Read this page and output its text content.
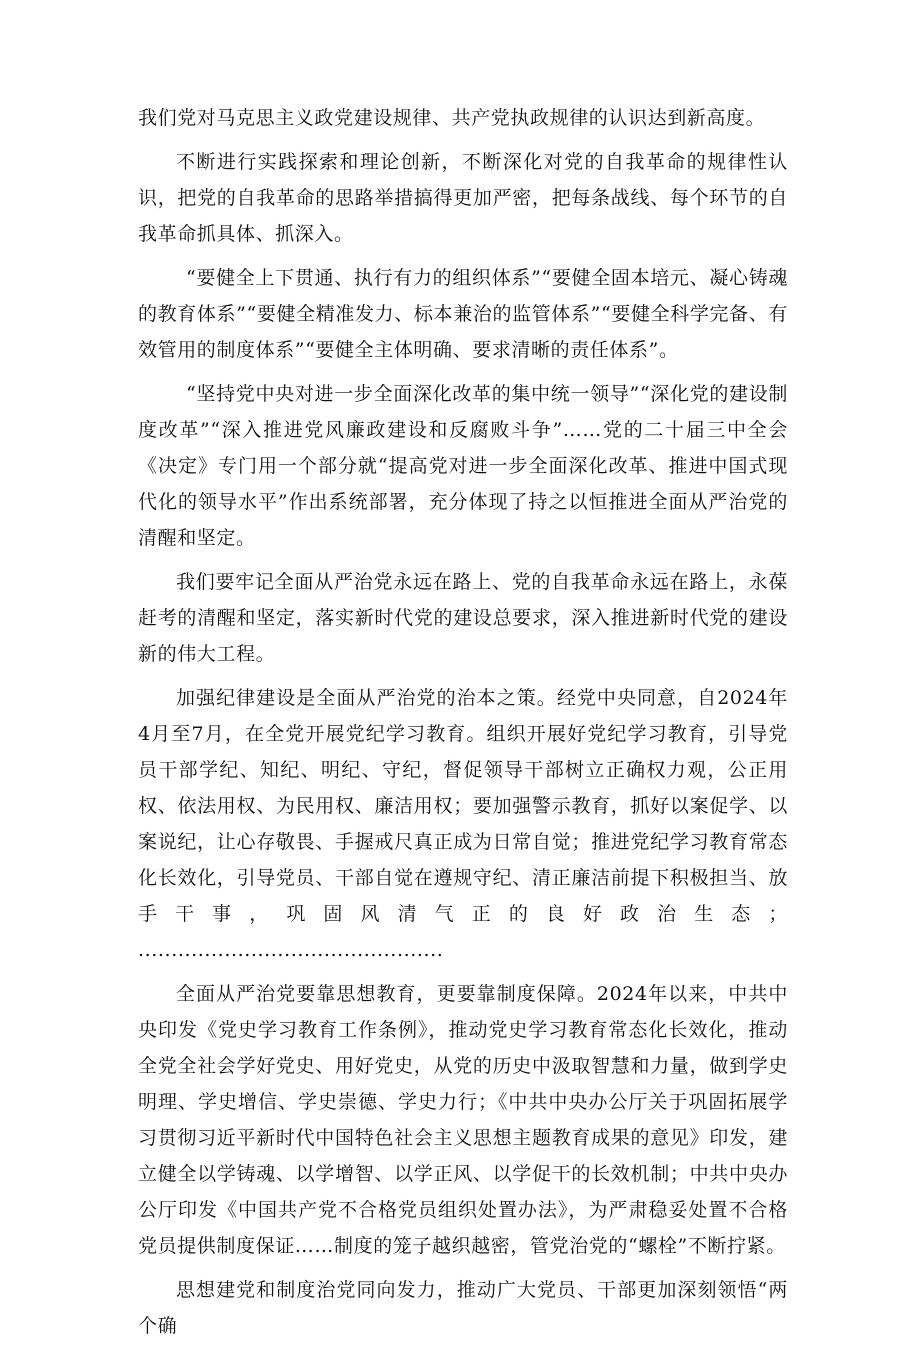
我们党对马克思主义政党建设规律、共产党执政规律的认识达到新高度。

不断进行实践探索和理论创新，不断深化对党的自我革命的规律性认识，把党的自我革命的思路举措搞得更加严密，把每条战线、每个环节的自我革命抓具体、抓深入。

“要健全上下贯通、执行有力的组织体系”“要健全固本培元、凝心铸魂的教育体系”“要健全精准发力、标本兼治的监管体系”“要健全科学完备、有效管用的制度体系”“要健全主体明确、要求清晰的责任体系”。

“坚持党中央对进一步全面深化改革的集中统一领导”“深化党的建设制度改革”“深入推进党风廉政建设和反腐败斗争”……党的二十届三中全会《决定》专门用一个部分就“提高党对进一步全面深化改革、推进中国式现代化的领导水平”作出系统部署，充分体现了持之以恒推进全面从严治党的清醒和坚定。

我们要牢记全面从严治党永远在路上、党的自我革命永远在路上，永葆赶考的清醒和坚定，落实新时代党的建设总要求，深入推进新时代党的建设新的伟大工程。

加强纪律建设是全面从严治党的治本之策。经党中央同意，自2024年4月至7月，在全党开展党纪学习教育。组织开展好党纪学习教育，引导党员干部学纪、知纪、明纪、守纪，督促领导干部树立正确权力观，公正用权、依法用权、为民用权、廉洁用权；要加强警示教育，抓好以案促学、以案说纪，让心存敬畏、手握戒尺真正成为日常自觉；推进党纪学习教育常态化长效化，引导党员、干部自觉在遵规守纪、清正廉洁前提下积极担当、放手干事，巩固风清气正的良好政治生态； ..............................................

全面从严治党要靠思想教育，更要靠制度保障。2024年以来，中共中央印发《党史学习教育工作条例》，推动党史学习教育常态化长效化，推动全党全社会学好党史、用好党史，从党的历史中汲取智慧和力量，做到学史明理、学史增信、学史崇德、学史力行；《中共中央办公厅关于巩固拓展学习贯彻习近平新时代中国特色社会主义思想主题教育成果的意见》印发，建立健全以学铸魂、以学增智、以学正风、以学促干的长效机制；中共中央办公厅印发《中国共产党不合格党员组织处置办法》，为严肃稳妥处置不合格党员提供制度保证……制度的笼子越织越密，管党治党的“螺栓”不断拧紧。

思想建党和制度治党同向发力，推动广大党员、干部更加深刻领悟“两个确
